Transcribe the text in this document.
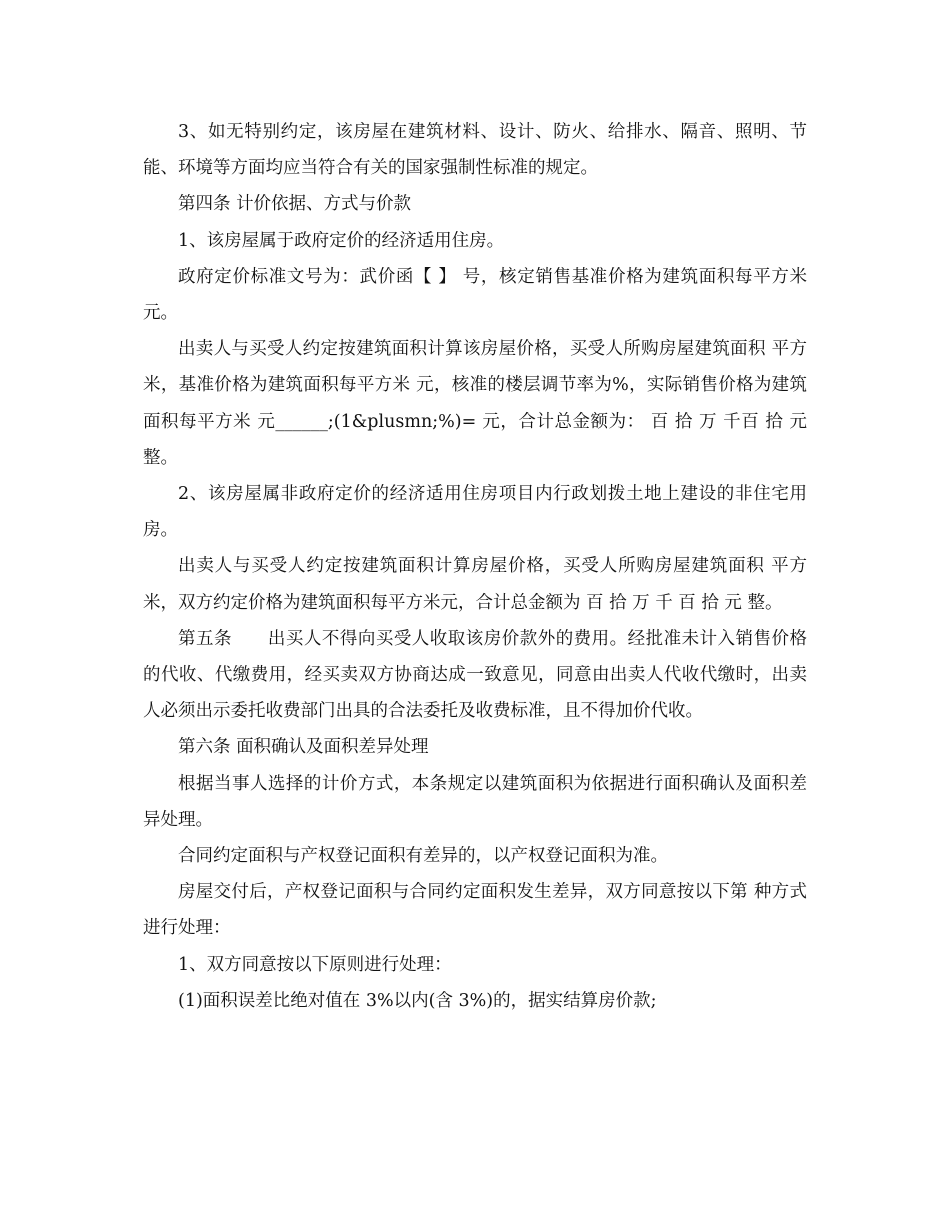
3、如无特别约定，该房屋在建筑材料、设计、防火、给排水、隔音、照明、节能、环境等方面均应当符合有关的国家强制性标准的规定。

第四条 计价依据、方式与价款

1、该房屋属于政府定价的经济适用住房。

政府定价标准文号为：武价函【 】 号，核定销售基准价格为建筑面积每平方米 元。

出卖人与买受人约定按建筑面积计算该房屋价格，买受人所购房屋建筑面积 平方米，基准价格为建筑面积每平方米 元，核准的楼层调节率为%，实际销售价格为建筑面积每平方米 元______;(1&plusmn;%)= 元，合计总金额为： 百 拾 万 千百 拾 元整。

2、该房屋属非政府定价的经济适用住房项目内行政划拨土地上建设的非住宅用房。

出卖人与买受人约定按建筑面积计算房屋价格，买受人所购房屋建筑面积 平方米，双方约定价格为建筑面积每平方米元，合计总金额为 百 拾 万 千 百 拾 元 整。

第五条　　出买人不得向买受人收取该房价款外的费用。经批准未计入销售价格的代收、代缴费用，经买卖双方协商达成一致意见，同意由出卖人代收代缴时，出卖人必须出示委托收费部门出具的合法委托及收费标准，且不得加价代收。

第六条 面积确认及面积差异处理

根据当事人选择的计价方式，本条规定以建筑面积为依据进行面积确认及面积差异处理。

合同约定面积与产权登记面积有差异的，以产权登记面积为准。

房屋交付后，产权登记面积与合同约定面积发生差异，双方同意按以下第 种方式进行处理：

1、双方同意按以下原则进行处理：

(1)面积误差比绝对值在 3%以内(含 3%)的，据实结算房价款;
